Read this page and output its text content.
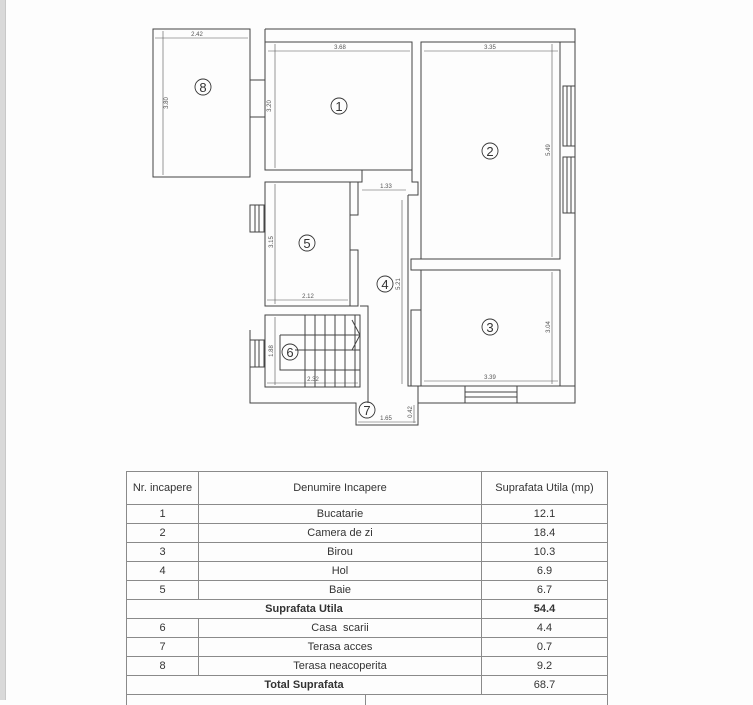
2.42
3.80
3.68
3.20
3.35
5.49
1.33
3.15
2.12
5.21
3.04
3.39
1.88
2.32
1.65
0.42
8
1
2
3
4
5
6
7
Nr. incapere	Denumire Incapere	Suprafata Utila (mp)
1	Bucatarie	12.1
2	Camera de zi	18.4
3	Birou	10.3
4	Hol	6.9
5	Baie	6.7
Suprafata Utila		54.4
6	Casa  scarii	4.4
7	Terasa acces	0.7
8	Terasa neacoperita	9.2
Total Suprafata		68.7
